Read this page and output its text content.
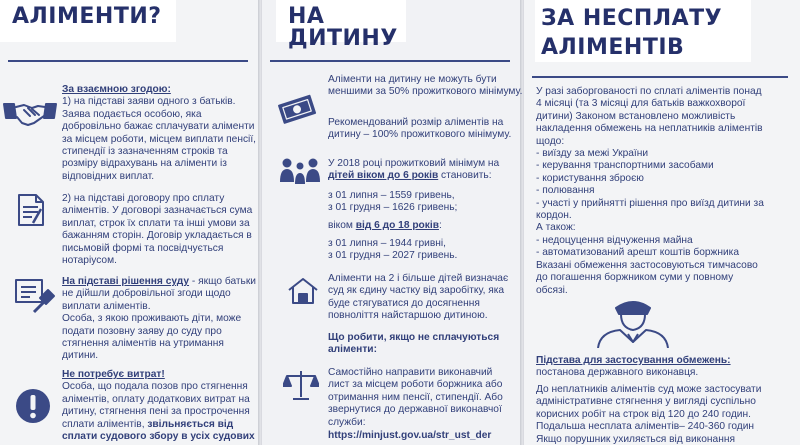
АЛІМЕНТИ?	НА ДИТИНУ
ЗА НЕСПЛАТУ

АЛІМЕНТІВ
За взаємною згодою:
1) на підставі заяви одного з батьків.
Заява подається особою, яка
добровільно бажає сплачувати аліменти
за місцем роботи, місцем виплати пенсії,
стипендії із зазначенням строків та
розміру відрахувань на аліменти із
відповідних виплат.
2) на підставі договору про сплату
аліментів. У договорі зазначається сума
виплат, строк їх сплати та інші умови за
бажанням сторін. Договір укладається в
письмовій формі та посвідчується
нотаріусом.
На підставі рішення суду - якщо батьки
не дійшли добровільної згоди щодо
виплати аліментів.
Особа, з якою проживають діти, може
подати позовну заяву до суду про
стягнення аліментів на утримання
дитини.
Не потребує витрат!
Особа, що подала позов про стягнення
аліментів, оплату додаткових витрат на
дитину, стягнення пені за прострочення
сплати аліментів, звільняється від
сплати судового збору в усіх судових
Аліменти на дитину не можуть бути
меншими за 50% прожиткового мінімуму.
Рекомендований розмір аліментів на
дитину – 100% прожиткового мінімуму.
У 2018 році прожитковий мінімум на
дітей віком до 6 років становить:
з 01 липня – 1559 гривень,
з 01 грудня – 1626 гривень;
віком від 6 до 18 років:
з 01 липня – 1944 гривні,
з 01 грудня – 2027 гривень.
Аліменти на 2 і більше дітей визначає
суд як єдину частку від заробітку, яка
буде стягуватися до досягнення
повноліття найстаршою дитиною.
Що робити, якщо не сплачуються
аліменти:
Самостійно направити виконавчий
лист за місцем роботи боржника або
отримання ним пенсії, стипендії. Або
звернутися до державної виконавчої
служби:
https://minjust.gov.ua/str_ust_der
У разі заборгованості по сплаті аліментів понад
4 місяці (та 3 місяці для батьків важкохворої
дитини) Законом встановлено можливість
накладення обмежень на неплатників аліментів
щодо:
- виїзду за межі України
- керування транспортними засобами
- користування зброєю
- полювання
- участі у прийнятті рішення про виїзд дитини за
кордон.
А також:
- недоцуцення відчуження майна
- автоматизований арешт коштів боржника
Вказані обмеження застосовуються тимчасово
до погашення боржником суми у повному
обсязі.
Підстава для застосування обмежень:
постанова державного виконавця.
До неплатників аліментів суд може застосувати
адміністративне стягнення у вигляді суспільно
корисних робіт на строк від 120 до 240 годин.
Подальша несплата аліментів– 240-360 годин
Якщо порушник ухиляється від виконання
